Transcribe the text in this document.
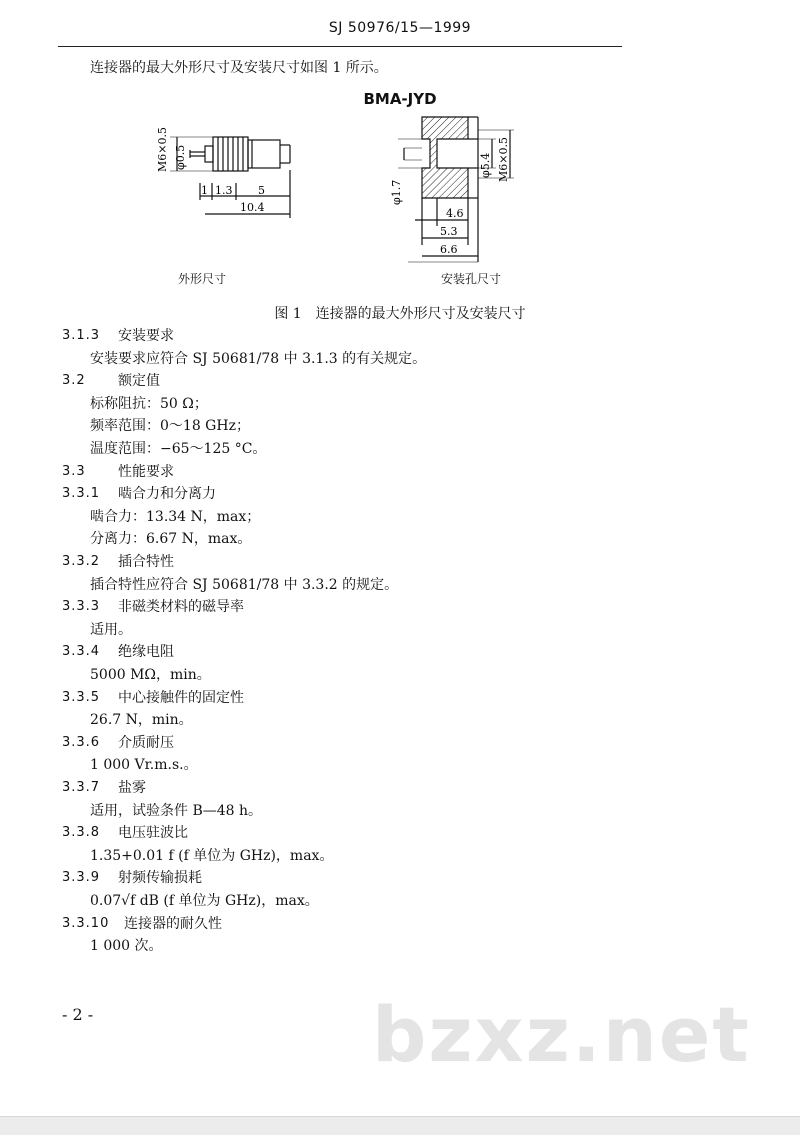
SJ 50976/15—1999
连接器的最大外形尺寸及安装尺寸如图 1 所示。
BMA-JYD
M6×0.5 φ0.5
1 1.3 5
10.4
φ1.7
φ5.4 M6×0.5
4.6
5.3
6.6
外形尺寸	安装孔尺寸
图 1　连接器的最大外形尺寸及安装尺寸
3.1.3 安装要求
安装要求应符合 SJ 50681/78 中 3.1.3 的有关规定。
3.2 额定值
标称阻抗：50 Ω；
频率范围：0～18 GHz；
温度范围：−65～125 °C。
3.3 性能要求
3.3.1 啮合力和分离力
啮合力：13.34 N，max；
分离力：6.67 N，max。
3.3.2 插合特性
插合特性应符合 SJ 50681/78 中 3.3.2 的规定。
3.3.3 非磁类材料的磁导率
适用。
3.3.4 绝缘电阻
5000 MΩ，min。
3.3.5 中心接触件的固定性
26.7 N，min。
3.3.6 介质耐压
1 000 Vr.m.s.。
3.3.7 盐雾
适用，试验条件 B—48 h。
3.3.8 电压驻波比
1.35+0.01 f (f 单位为 GHz)，max。
3.3.9 射频传输损耗
0.07√f dB (f 单位为 GHz)，max。
3.3.10 连接器的耐久性
1 000 次。
- 2 -	bzxz.net
